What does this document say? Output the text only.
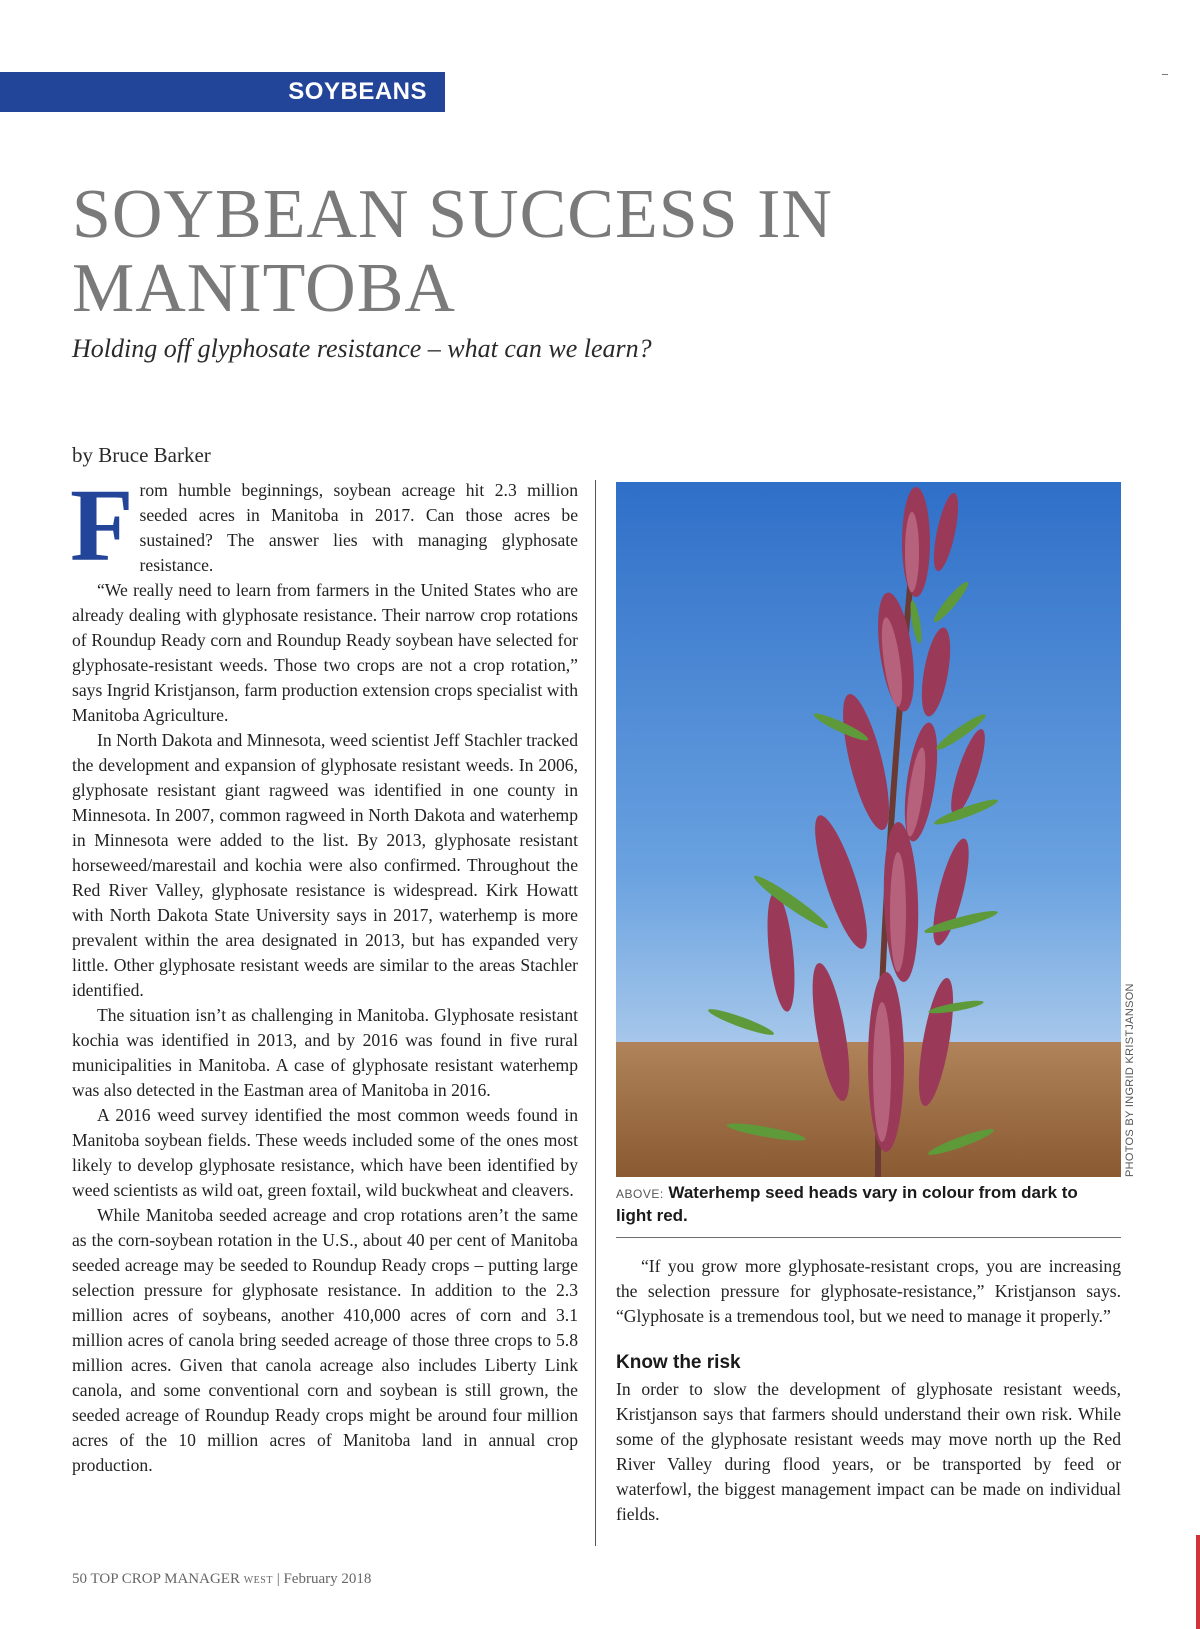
SOYBEANS
SOYBEAN SUCCESS IN MANITOBA
Holding off glyphosate resistance – what can we learn?
by Bruce Barker

From humble beginnings, soybean acreage hit 2.3 million seeded acres in Manitoba in 2017. Can those acres be sustained? The answer lies with managing glyphosate resistance.

“We really need to learn from farmers in the United States who are already dealing with glyphosate resistance. Their narrow crop rotations of Roundup Ready corn and Roundup Ready soybean have selected for glyphosate-resistant weeds. Those two crops are not a crop rotation,” says Ingrid Kristjanson, farm production extension crops specialist with Manitoba Agriculture.

In North Dakota and Minnesota, weed scientist Jeff Stachler tracked the development and expansion of glyphosate resistant weeds. In 2006, glyphosate resistant giant ragweed was identified in one county in Minnesota. In 2007, common ragweed in North Dakota and waterhemp in Minnesota were added to the list. By 2013, glyphosate resistant horseweed/marestail and kochia were also confirmed. Throughout the Red River Valley, glyphosate resistance is widespread. Kirk Howatt with North Dakota State University says in 2017, waterhemp is more prevalent within the area designated in 2013, but has expanded very little. Other glyphosate resistant weeds are similar to the areas Stachler identified.

The situation isn’t as challenging in Manitoba. Glyphosate resistant kochia was identified in 2013, and by 2016 was found in five rural municipalities in Manitoba. A case of glyphosate resistant waterhemp was also detected in the Eastman area of Manitoba in 2016.

A 2016 weed survey identified the most common weeds found in Manitoba soybean fields. These weeds included some of the ones most likely to develop glyphosate resistance, which have been identified by weed scientists as wild oat, green foxtail, wild buckwheat and cleavers.

While Manitoba seeded acreage and crop rotations aren’t the same as the corn-soybean rotation in the U.S., about 40 per cent of Manitoba seeded acreage may be seeded to Roundup Ready crops – putting large selection pressure for glyphosate resistance. In addition to the 2.3 million acres of soybeans, another 410,000 acres of corn and 3.1 million acres of canola bring seeded acreage of those three crops to 5.8 million acres. Given that canola acreage also includes Liberty Link canola, and some conventional corn and soybean is still grown, the seeded acreage of Roundup Ready crops might be around four million acres of the 10 million acres of Manitoba land in annual crop production.

PHOTOS BY INGRID KRISTJANSON
ABOVE: Waterhemp seed heads vary in colour from dark to light red.

“If you grow more glyphosate-resistant crops, you are increasing the selection pressure for glyphosate-resistance,” Kristjanson says. “Glyphosate is a tremendous tool, but we need to manage it properly.”

Know the risk

In order to slow the development of glyphosate resistant weeds, Kristjanson says that farmers should understand their own risk. While some of the glyphosate resistant weeds may move north up the Red River Valley during flood years, or be transported by feed or waterfowl, the biggest management impact can be made on individual fields.

50 TOP CROP MANAGER WEST | February 2018
